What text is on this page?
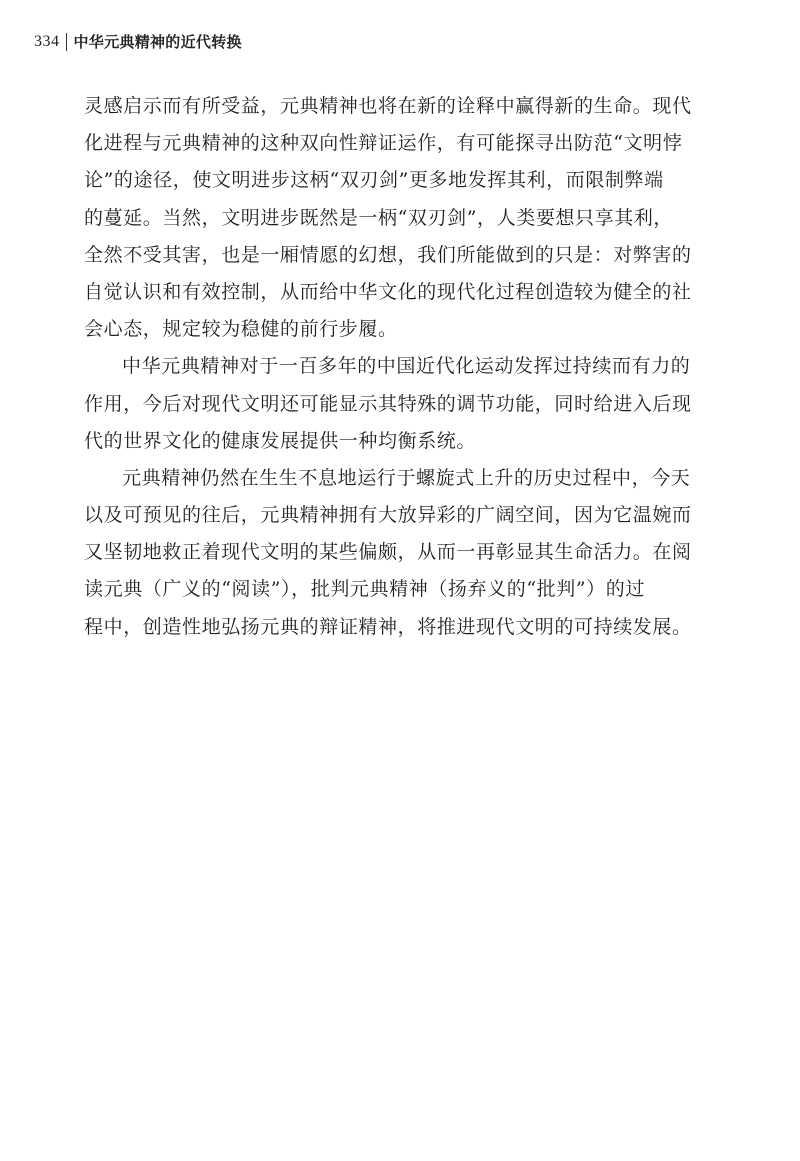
334 中华元典精神的近代转换
灵感启示而有所受益，元典精神也将在新的诠释中赢得新的生命。现代
化进程与元典精神的这种双向性辩证运作，有可能探寻出防范“文明悖
论”的途径，使文明进步这柄“双刃剑”更多地发挥其利，而限制弊端
的蔓延。当然，文明进步既然是一柄“双刃剑”，人类要想只享其利，
全然不受其害，也是一厢情愿的幻想，我们所能做到的只是：对弊害的
自觉认识和有效控制，从而给中华文化的现代化过程创造较为健全的社
会心态，规定较为稳健的前行步履。
中华元典精神对于一百多年的中国近代化运动发挥过持续而有力的
作用，今后对现代文明还可能显示其特殊的调节功能，同时给进入后现
代的世界文化的健康发展提供一种均衡系统。
元典精神仍然在生生不息地运行于螺旋式上升的历史过程中，今天
以及可预见的往后，元典精神拥有大放异彩的广阔空间，因为它温婉而
又坚韧地救正着现代文明的某些偏颇，从而一再彰显其生命活力。在阅
读元典（广义的“阅读”），批判元典精神（扬弃义的“批判”）的过
程中，创造性地弘扬元典的辩证精神，将推进现代文明的可持续发展。
